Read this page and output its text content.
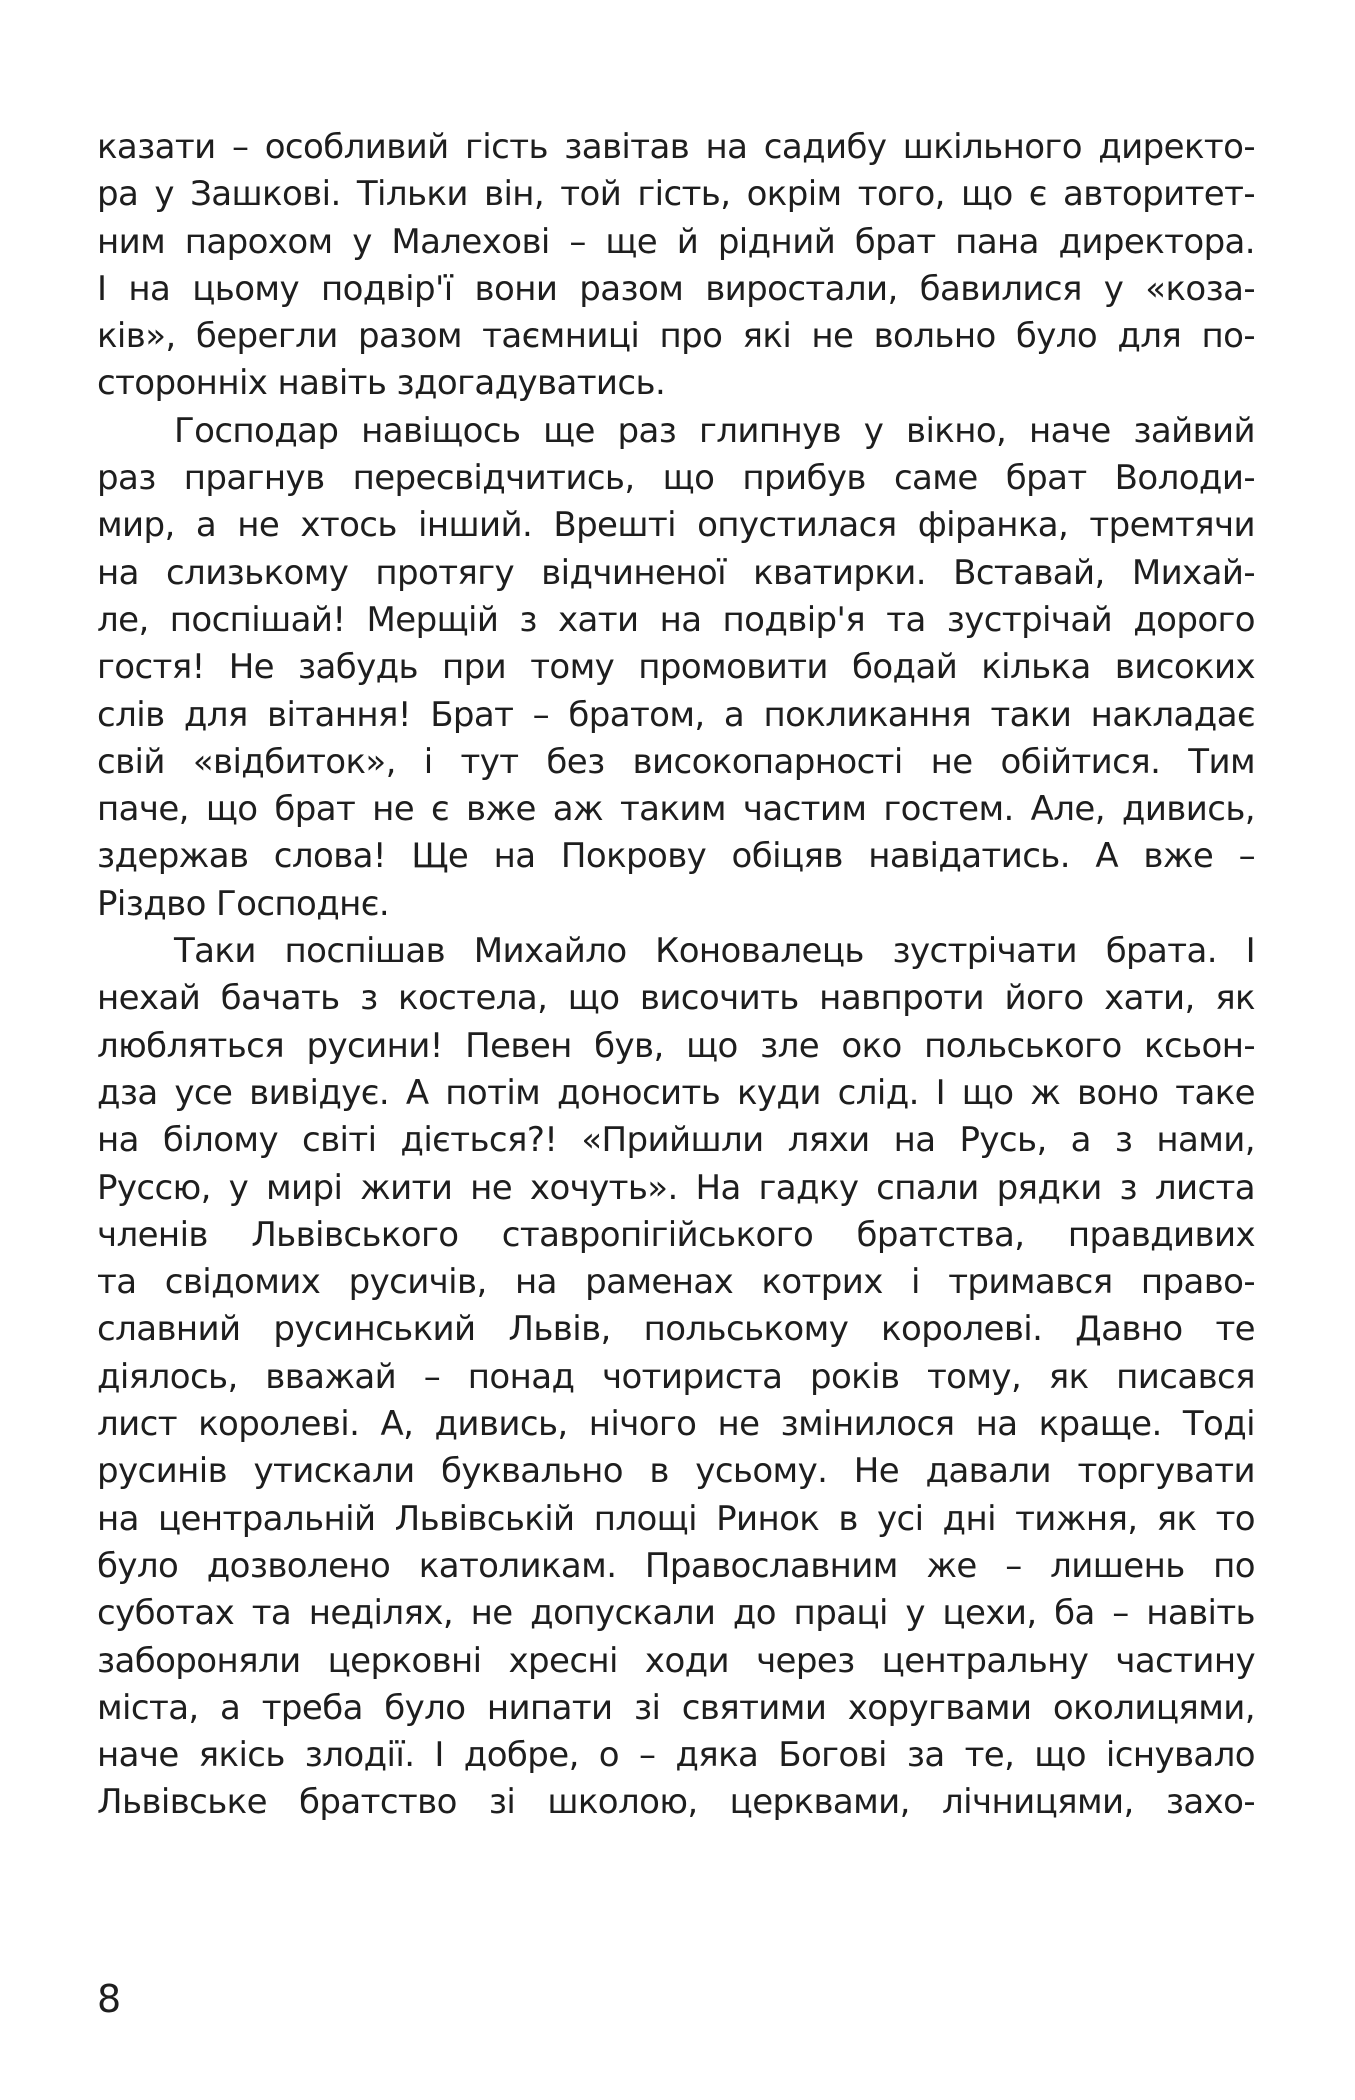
казати – особливий гість завітав на садибу шкільного директо-
ра у Зашкові. Тільки він, той гість, окрім того, що є авторитет-
ним парохом у Малехові – ще й рідний брат пана директора.
І на цьому подвір'ї вони разом виростали, бавилися у «коза-
ків», берегли разом таємниці про які не вольно було для по-
сторонніх навіть здогадуватись.
Господар навіщось ще раз глипнув у вікно, наче зайвий
раз прагнув пересвідчитись, що прибув саме брат Володи-
мир, а не хтось інший. Врешті опустилася фіранка, тремтячи
на слизькому протягу відчиненої кватирки. Вставай, Михай-
ле, поспішай! Мерщій з хати на подвір'я та зустрічай дорого
гостя! Не забудь при тому промовити бодай кілька високих
слів для вітання! Брат – братом, а покликання таки накладає
свій «відбиток», і тут без високопарності не обійтися. Тим
паче, що брат не є вже аж таким частим гостем. Але, дивись,
здержав слова! Ще на Покрову обіцяв навідатись. А вже –
Різдво Господнє.
Таки поспішав Михайло Коновалець зустрічати брата. І
нехай бачать з костела, що височить навпроти його хати, як
люблятьcя русини! Певен був, що зле око польського ксьон-
дза усе вивідує. А потім доносить куди слід. І що ж воно таке
на білому світі діється?! «Прийшли ляхи на Русь, а з нами,
Руссю, у мирі жити не хочуть». На гадку спали рядки з листа
членів Львівського ставропігійського братства, правдивих
та свідомих русичів, на раменах котрих і тримався право-
славний русинський Львів, польському королеві. Давно те
діялось, вважай – понад чотириста років тому, як писався
лист королеві. А, дивись, нічого не змінилося на краще. Тоді
русинів утискали буквально в усьому. Не давали торгувати
на центральній Львівській площі Ринок в усі дні тижня, як то
було дозволено католикам. Православним же – лишень по
суботах та неділях, не допускали до праці у цехи, ба – навіть
забороняли церковні хресні ходи через центральну частину
міста, а треба було нипати зі святими хоругвами околицями,
наче якісь злодії. І добре, о – дяка Богові за те, що існувало
Львівське братство зі школою, церквами, лічницями, захо-
8
